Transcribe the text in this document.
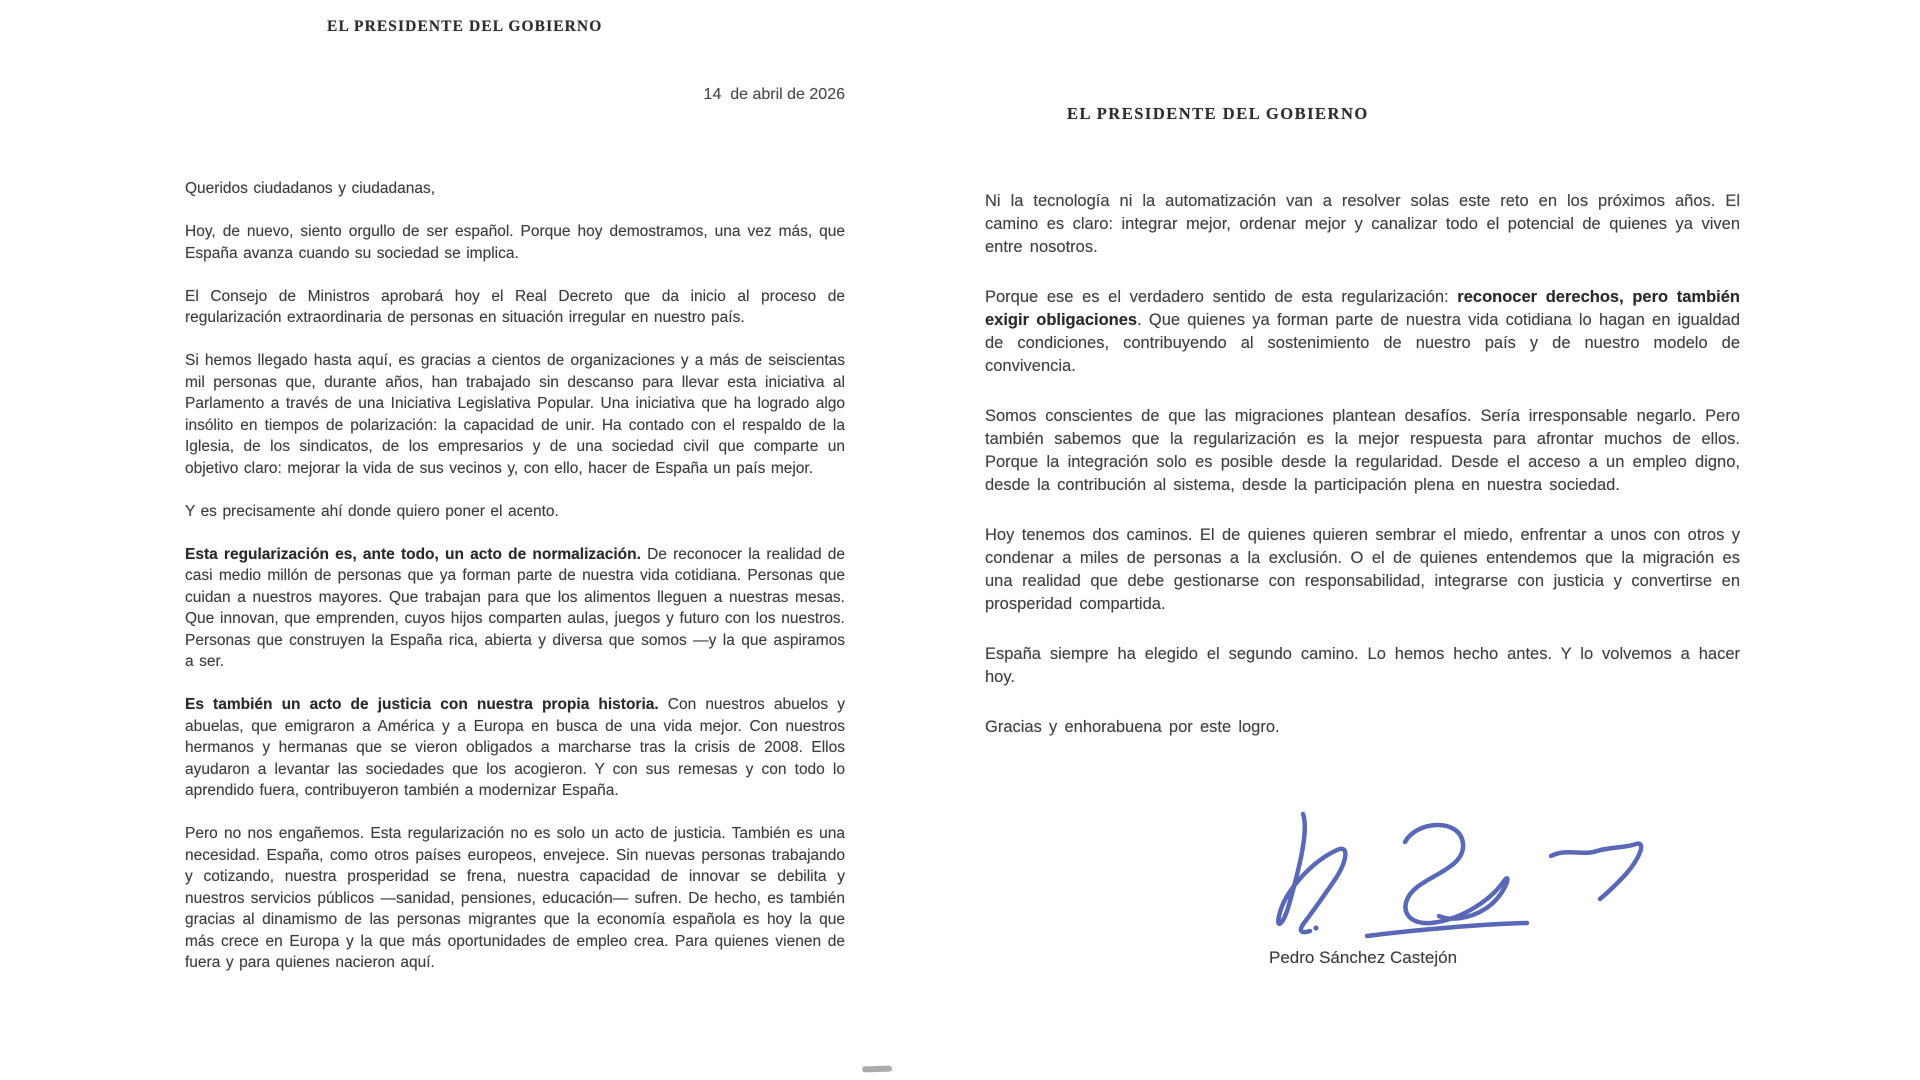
EL PRESIDENTE DEL GOBIERNO
14  de abril de 2026

Queridos ciudadanos y ciudadanas,

Hoy, de nuevo, siento orgullo de ser español. Porque hoy demostramos, una vez más, que España avanza cuando su sociedad se implica.

El Consejo de Ministros aprobará hoy el Real Decreto que da inicio al proceso de regularización extraordinaria de personas en situación irregular en nuestro país.

Si hemos llegado hasta aquí, es gracias a cientos de organizaciones y a más de seiscientas mil personas que, durante años, han trabajado sin descanso para llevar esta iniciativa al Parlamento a través de una Iniciativa Legislativa Popular. Una iniciativa que ha logrado algo insólito en tiempos de polarización: la capacidad de unir. Ha contado con el respaldo de la Iglesia, de los sindicatos, de los empresarios y de una sociedad civil que comparte un objetivo claro: mejorar la vida de sus vecinos y, con ello, hacer de España un país mejor.

Y es precisamente ahí donde quiero poner el acento.

Esta regularización es, ante todo, un acto de normalización. De reconocer la realidad de casi medio millón de personas que ya forman parte de nuestra vida cotidiana. Personas que cuidan a nuestros mayores. Que trabajan para que los alimentos lleguen a nuestras mesas. Que innovan, que emprenden, cuyos hijos comparten aulas, juegos y futuro con los nuestros. Personas que construyen la España rica, abierta y diversa que somos —y la que aspiramos a ser.

Es también un acto de justicia con nuestra propia historia. Con nuestros abuelos y abuelas, que emigraron a América y a Europa en busca de una vida mejor. Con nuestros hermanos y hermanas que se vieron obligados a marcharse tras la crisis de 2008. Ellos ayudaron a levantar las sociedades que los acogieron. Y con sus remesas y con todo lo aprendido fuera, contribuyeron también a modernizar España.

Pero no nos engañemos. Esta regularización no es solo un acto de justicia. También es una necesidad. España, como otros países europeos, envejece. Sin nuevas personas trabajando y cotizando, nuestra prosperidad se frena, nuestra capacidad de innovar se debilita y nuestros servicios públicos —sanidad, pensiones, educación— sufren. De hecho, es también gracias al dinamismo de las personas migrantes que la economía española es hoy la que más crece en Europa y la que más oportunidades de empleo crea. Para quienes vienen de fuera y para quienes nacieron aquí.

EL PRESIDENTE DEL GOBIERNO

Ni la tecnología ni la automatización van a resolver solas este reto en los próximos años. El camino es claro: integrar mejor, ordenar mejor y canalizar todo el potencial de quienes ya viven entre nosotros.

Porque ese es el verdadero sentido de esta regularización: reconocer derechos, pero también exigir obligaciones. Que quienes ya forman parte de nuestra vida cotidiana lo hagan en igualdad de condiciones, contribuyendo al sostenimiento de nuestro país y de nuestro modelo de convivencia.

Somos conscientes de que las migraciones plantean desafíos. Sería irresponsable negarlo. Pero también sabemos que la regularización es la mejor respuesta para afrontar muchos de ellos. Porque la integración solo es posible desde la regularidad. Desde el acceso a un empleo digno, desde la contribución al sistema, desde la participación plena en nuestra sociedad.

Hoy tenemos dos caminos. El de quienes quieren sembrar el miedo, enfrentar a unos con otros y condenar a miles de personas a la exclusión. O el de quienes entendemos que la migración es una realidad que debe gestionarse con responsabilidad, integrarse con justicia y convertirse en prosperidad compartida.

España siempre ha elegido el segundo camino. Lo hemos hecho antes. Y lo volvemos a hacer hoy.

Gracias y enhorabuena por este logro.

Pedro Sánchez Castejón
